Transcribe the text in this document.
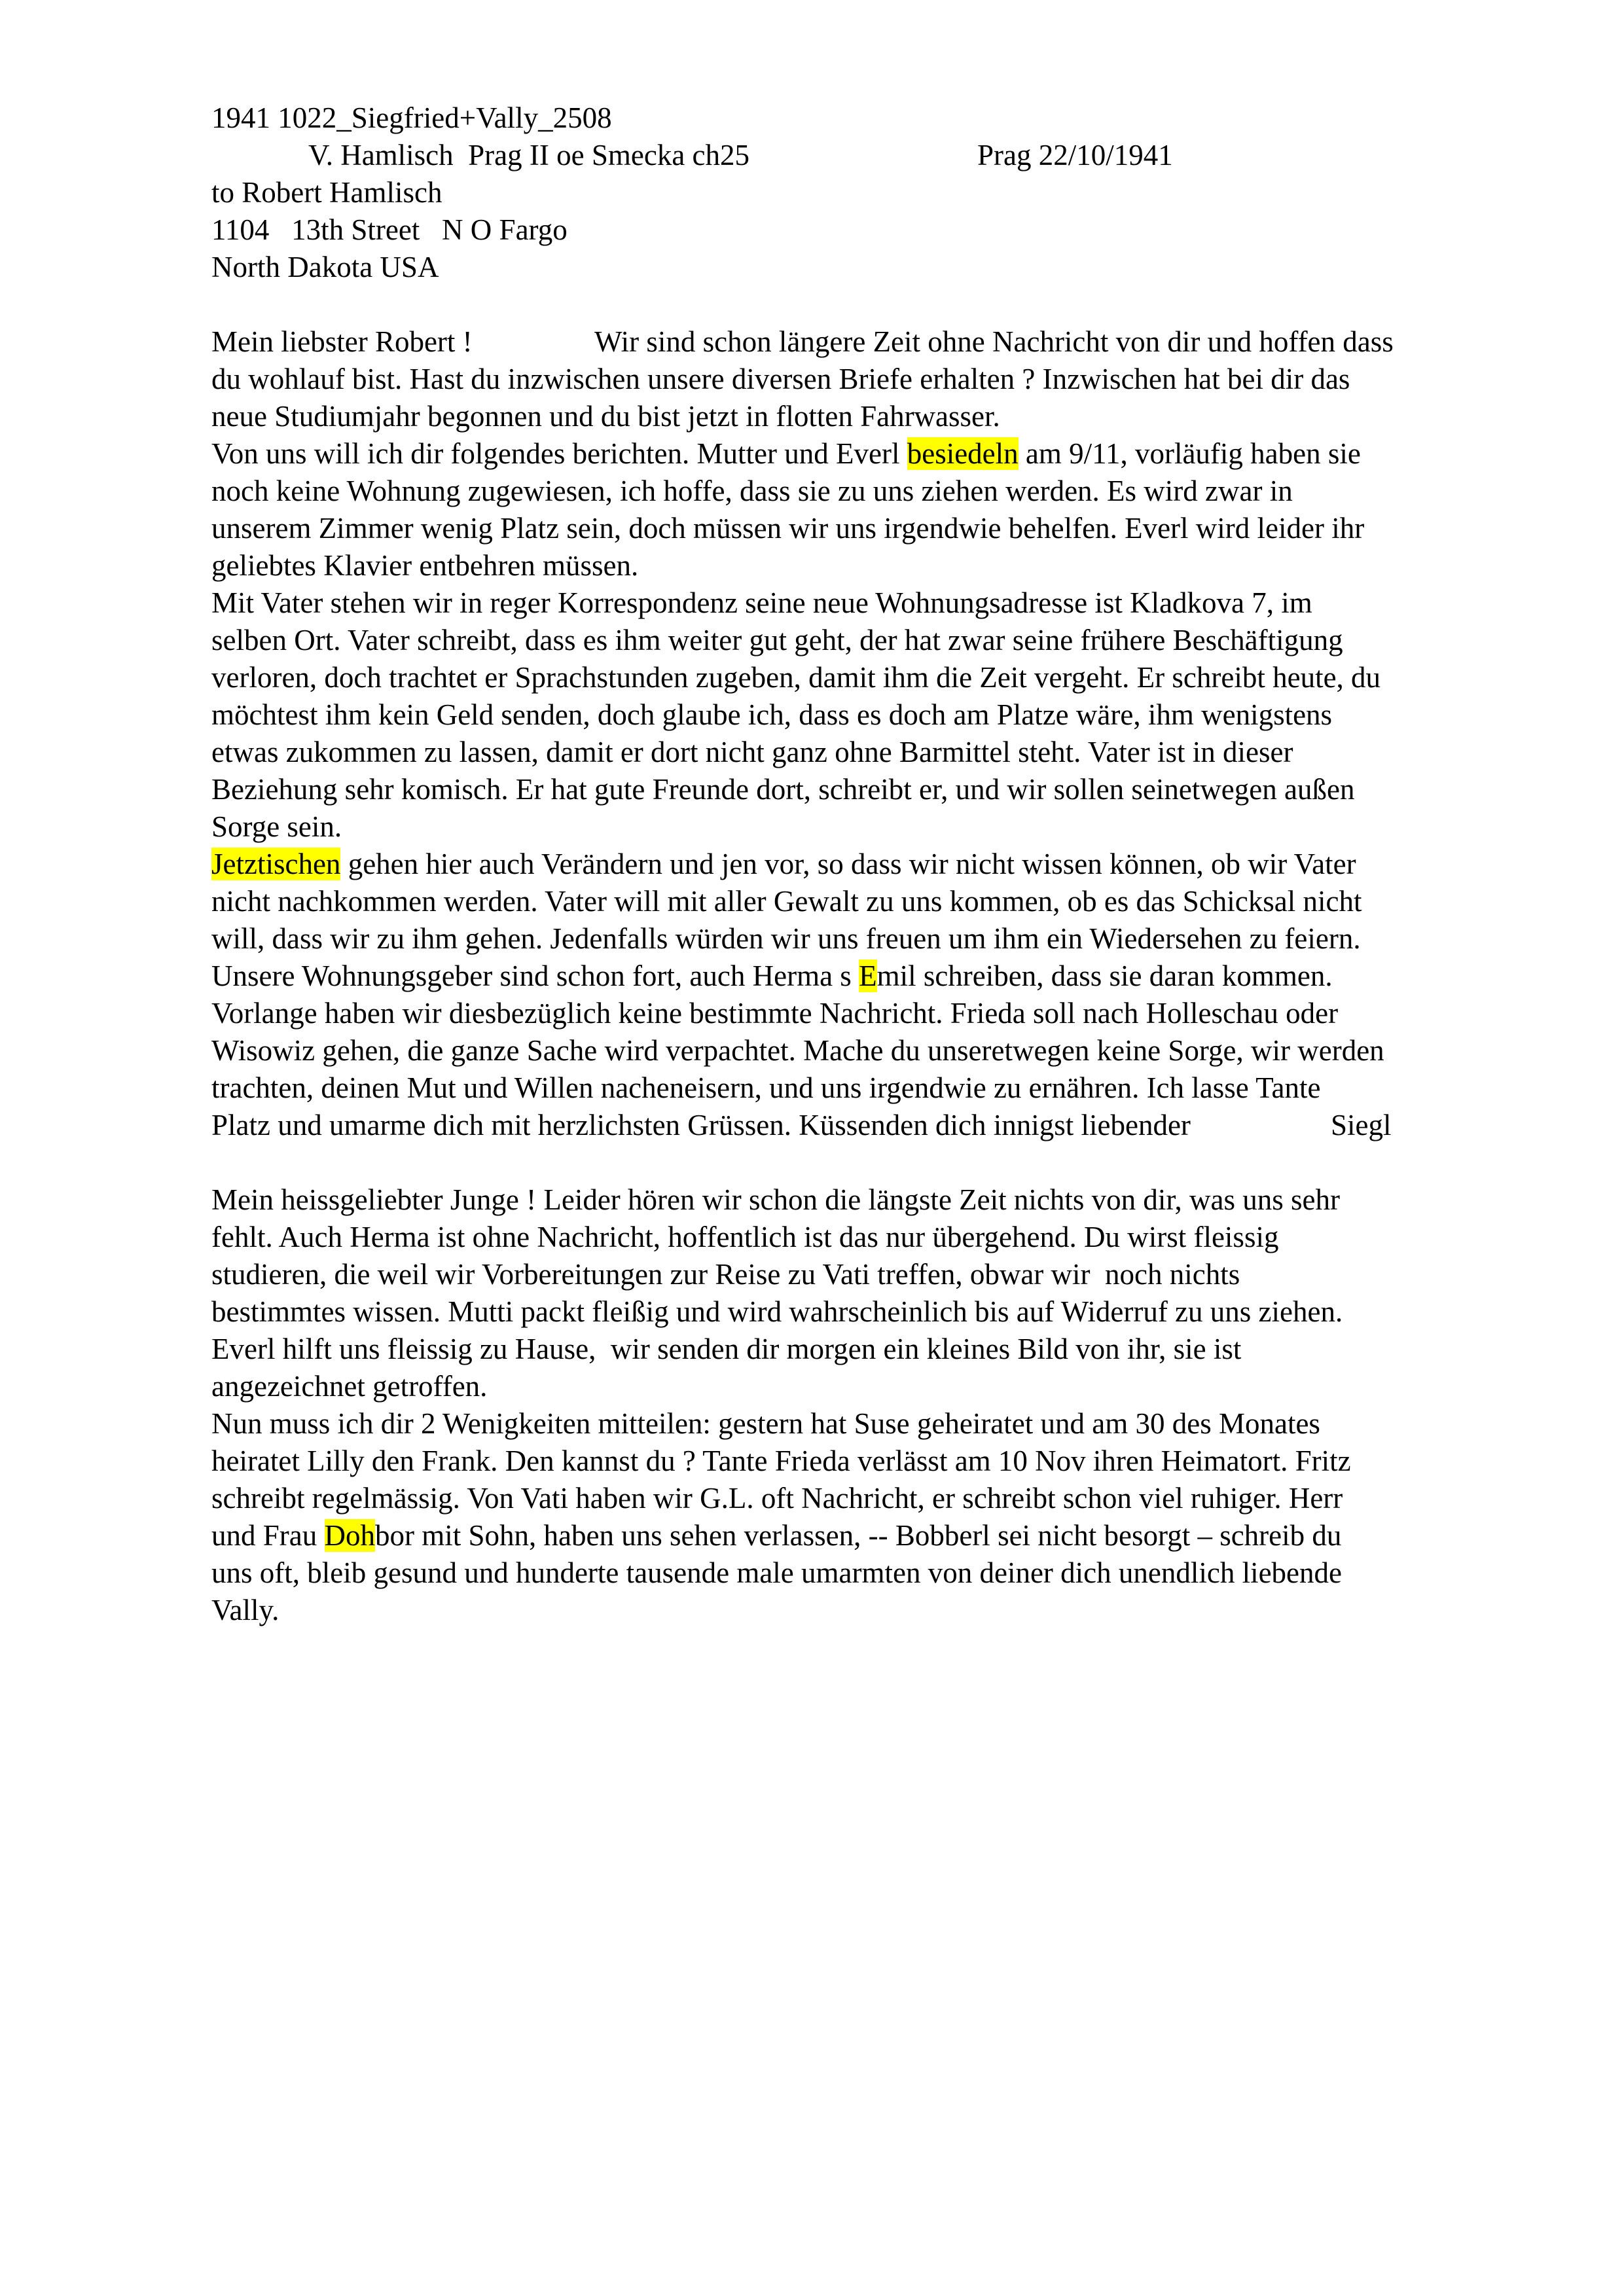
1941 1022_Siegfried+Vally_2508

V. Hamlisch  Prag II oe Smecka ch25

	Prag 22/10/1941

to Robert Hamlisch
1104   13th Street   N O Fargo
North Dakota USA

Mein liebster Robert !

	Wir sind schon längere Zeit ohne Nachricht von dir und hoffen dass

du wohlauf bist. Hast du inzwischen unsere diversen Briefe erhalten ? Inzwischen hat bei dir das
neue Studiumjahr begonnen und du bist jetzt in flotten Fahrwasser.
Von uns will ich dir folgendes berichten. Mutter und Everl besiedeln am 9/11, vorläufig haben sie
noch keine Wohnung zugewiesen, ich hoffe, dass sie zu uns ziehen werden. Es wird zwar in
unserem Zimmer wenig Platz sein, doch müssen wir uns irgendwie behelfen. Everl wird leider ihr
geliebtes Klavier entbehren müssen.
Mit Vater stehen wir in reger Korrespondenz seine neue Wohnungsadresse ist Kladkova 7, im
selben Ort. Vater schreibt, dass es ihm weiter gut geht, der hat zwar seine frühere Beschäftigung
verloren, doch trachtet er Sprachstunden zugeben, damit ihm die Zeit vergeht. Er schreibt heute, du
möchtest ihm kein Geld senden, doch glaube ich, dass es doch am Platze wäre, ihm wenigstens
etwas zukommen zu lassen, damit er dort nicht ganz ohne Barmittel steht. Vater ist in dieser
Beziehung sehr komisch. Er hat gute Freunde dort, schreibt er, und wir sollen seinetwegen außen
Sorge sein.
Jetztischen gehen hier auch Verändern und jen vor, so dass wir nicht wissen können, ob wir Vater
nicht nachkommen werden. Vater will mit aller Gewalt zu uns kommen, ob es das Schicksal nicht
will, dass wir zu ihm gehen. Jedenfalls würden wir uns freuen um ihm ein Wiedersehen zu feiern.
Unsere Wohnungsgeber sind schon fort, auch Herma s Emil schreiben, dass sie daran kommen.
Vorlange haben wir diesbezüglich keine bestimmte Nachricht. Frieda soll nach Holleschau oder
Wisowiz gehen, die ganze Sache wird verpachtet. Mache du unseretwegen keine Sorge, wir werden
trachten, deinen Mut und Willen nacheneisern, und uns irgendwie zu ernähren. Ich lasse Tante

Platz und umarme dich mit herzlichsten Grüssen. Küssenden dich innigst liebender

	Siegl

Mein heissgeliebter Junge ! Leider hören wir schon die längste Zeit nichts von dir, was uns sehr
fehlt. Auch Herma ist ohne Nachricht, hoffentlich ist das nur übergehend. Du wirst fleissig
studieren, die weil wir Vorbereitungen zur Reise zu Vati treffen, obwar wir  noch nichts
bestimmtes wissen. Mutti packt fleißig und wird wahrscheinlich bis auf Widerruf zu uns ziehen.
Everl hilft uns fleissig zu Hause,  wir senden dir morgen ein kleines Bild von ihr, sie ist
angezeichnet getroffen.
Nun muss ich dir 2 Wenigkeiten mitteilen: gestern hat Suse geheiratet und am 30 des Monates
heiratet Lilly den Frank. Den kannst du ? Tante Frieda verlässt am 10 Nov ihren Heimatort. Fritz
schreibt regelmässig. Von Vati haben wir G.L. oft Nachricht, er schreibt schon viel ruhiger. Herr
und Frau Dohbor mit Sohn, haben uns sehen verlassen, -- Bobberl sei nicht besorgt – schreib du
uns oft, bleib gesund und hunderte tausende male umarmten von deiner dich unendlich liebende
Vally.
